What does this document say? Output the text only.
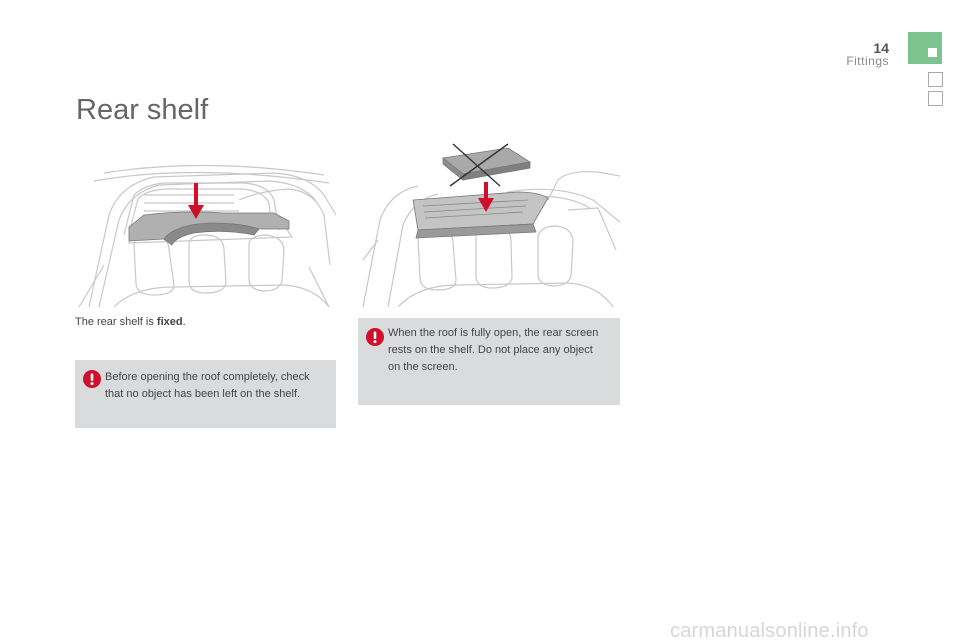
14
Fittings
Rear shelf
The rear shelf is fixed.
Before opening the roof completely, check that no object has been left on the shelf.
When the roof is fully open, the rear screen rests on the shelf. Do not place any object on the screen.
carmanualsonline.info
